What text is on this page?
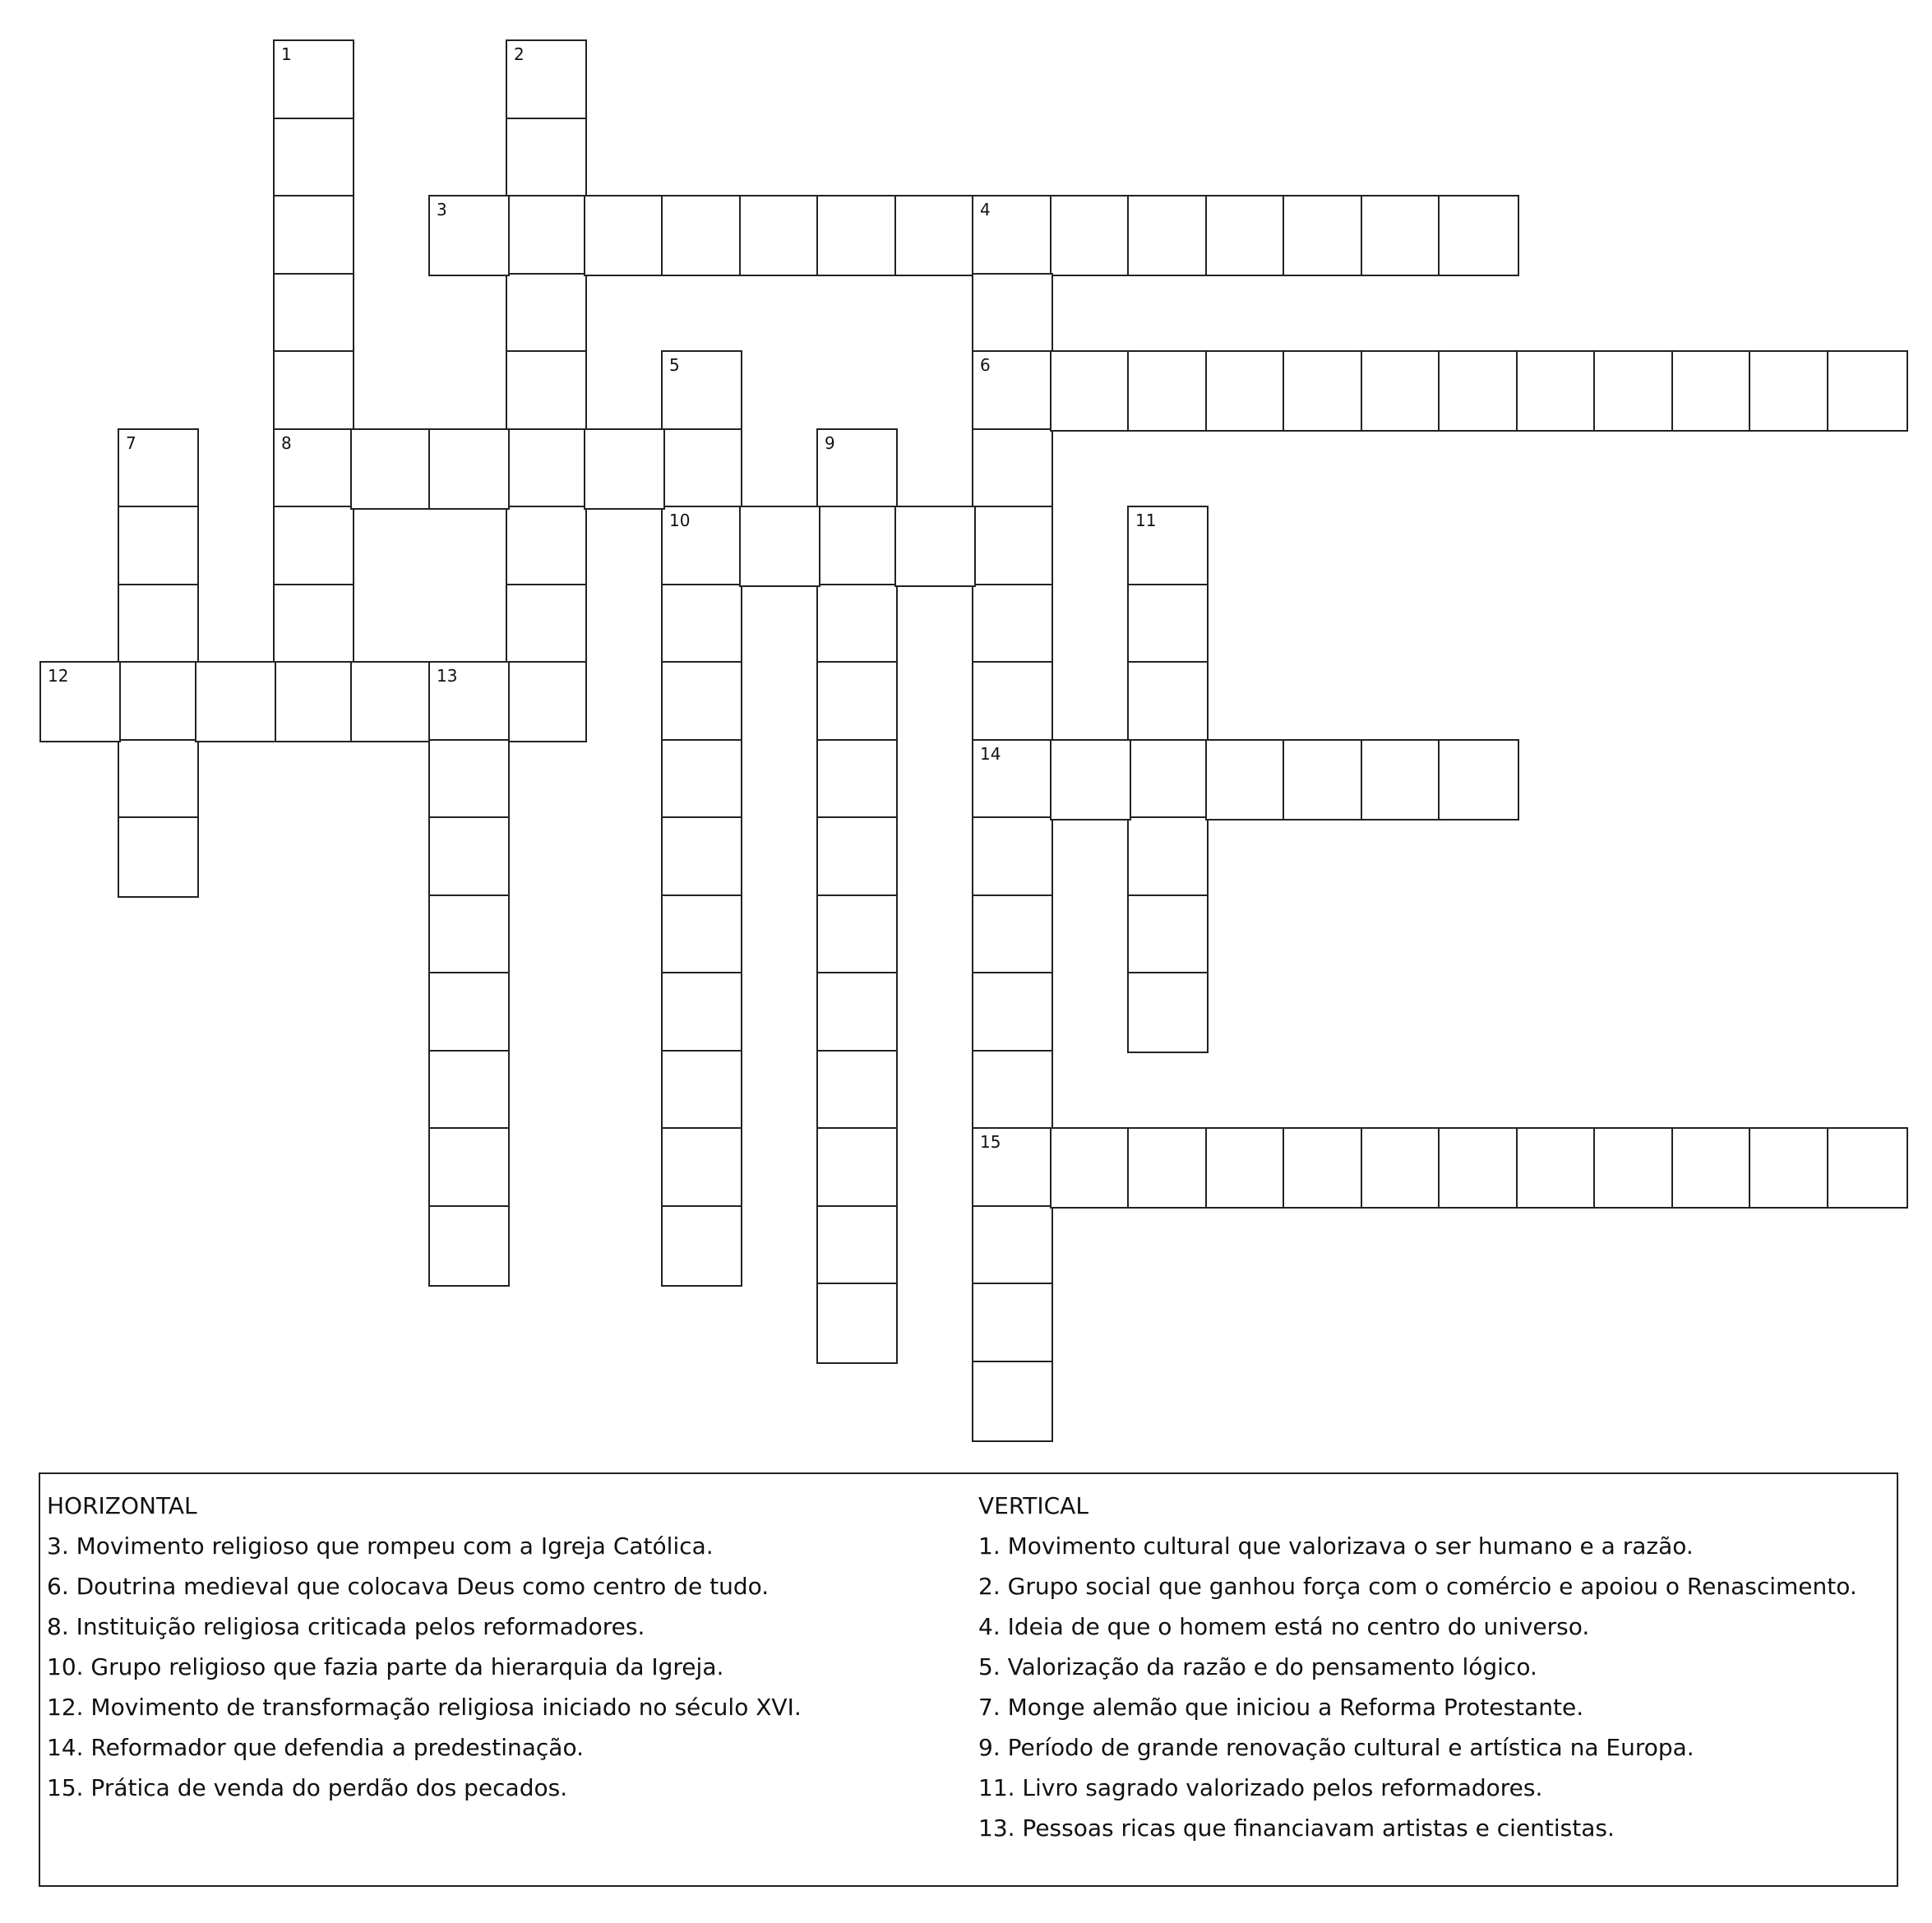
1
8
2
3	4
6
14
15
5
10
7	9
11
12	13
HORIZONTAL
3. Movimento religioso que rompeu com a Igreja Católica.
6. Doutrina medieval que colocava Deus como centro de tudo.
8. Instituição religiosa criticada pelos reformadores.
10. Grupo religioso que fazia parte da hierarquia da Igreja.
12. Movimento de transformação religiosa iniciado no século XVI.
14. Reformador que defendia a predestinação.
15. Prática de venda do perdão dos pecados.
VERTICAL
1. Movimento cultural que valorizava o ser humano e a razão.
2. Grupo social que ganhou força com o comércio e apoiou o Renascimento.
4. Ideia de que o homem está no centro do universo.
5. Valorização da razão e do pensamento lógico.
7. Monge alemão que iniciou a Reforma Protestante.
9. Período de grande renovação cultural e artística na Europa.
11. Livro sagrado valorizado pelos reformadores.
13. Pessoas ricas que financiavam artistas e cientistas.
